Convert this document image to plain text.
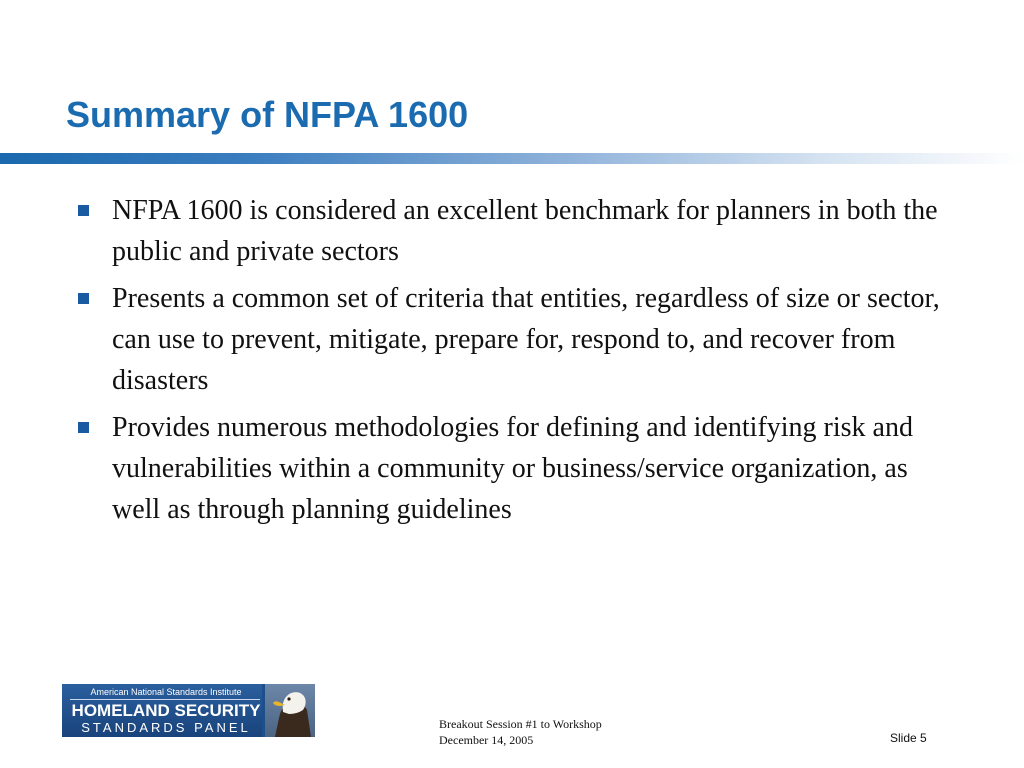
Summary of NFPA 1600
NFPA 1600 is considered an excellent benchmark for planners in both the public and private sectors
Presents a common set of criteria that entities, regardless of size or sector, can use to prevent, mitigate, prepare for, respond to, and recover from disasters
Provides numerous methodologies for defining and identifying risk and vulnerabilities within a community or business/service organization, as well as through planning guidelines
American National Standards Institute
HOMELAND SECURITY
STANDARDS PANEL	Breakout Session #1 to Workshop
December 14, 2005	Slide 5
